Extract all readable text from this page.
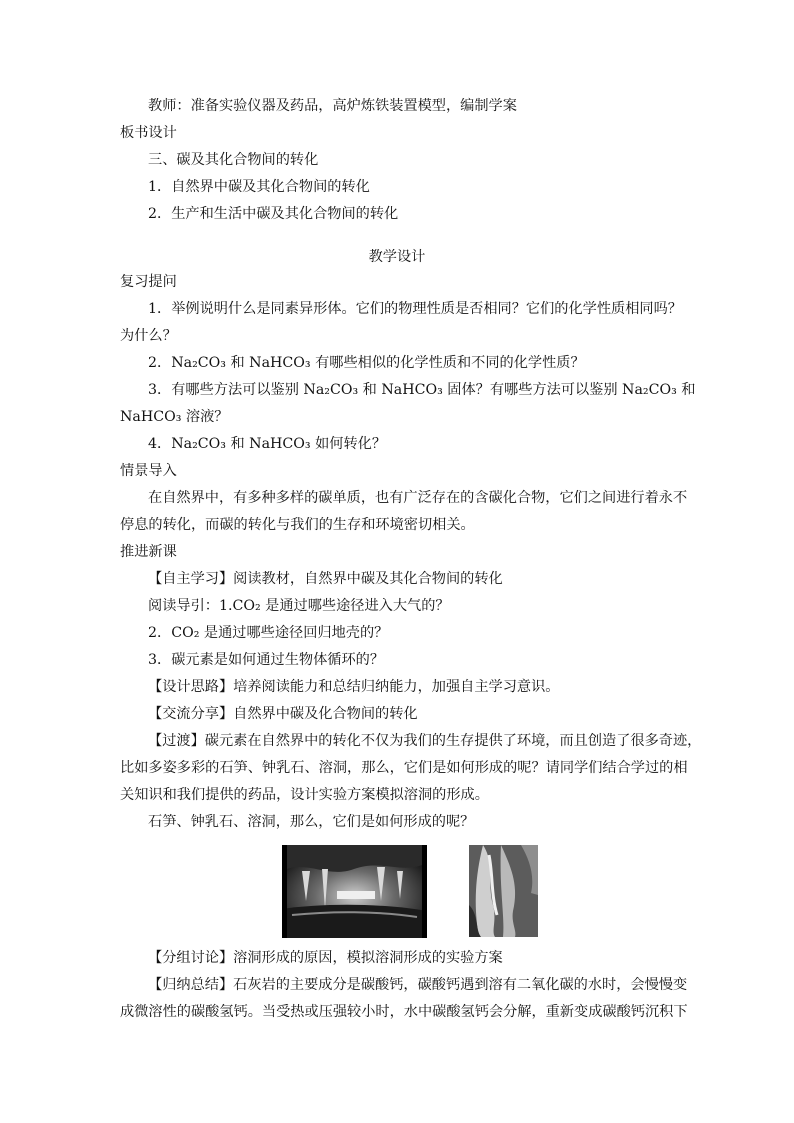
教师：准备实验仪器及药品，高炉炼铁装置模型，编制学案
板书设计
三、碳及其化合物间的转化
1．自然界中碳及其化合物间的转化
2．生产和生活中碳及其化合物间的转化
教学设计
复习提问
1．举例说明什么是同素异形体。它们的物理性质是否相同？它们的化学性质相同吗？
为什么？
2．Na₂CO₃ 和 NaHCO₃ 有哪些相似的化学性质和不同的化学性质？
3．有哪些方法可以鉴别 Na₂CO₃ 和 NaHCO₃ 固体？有哪些方法可以鉴别 Na₂CO₃ 和
NaHCO₃ 溶液？
4．Na₂CO₃ 和 NaHCO₃ 如何转化？
情景导入
在自然界中，有多种多样的碳单质，也有广泛存在的含碳化合物，它们之间进行着永不
停息的转化，而碳的转化与我们的生存和环境密切相关。
推进新课
【自主学习】阅读教材，自然界中碳及其化合物间的转化
阅读导引：1.CO₂ 是通过哪些途径进入大气的？
2．CO₂ 是通过哪些途径回归地壳的？
3．碳元素是如何通过生物体循环的？
【设计思路】培养阅读能力和总结归纳能力，加强自主学习意识。
【交流分享】自然界中碳及化合物间的转化
【过渡】碳元素在自然界中的转化不仅为我们的生存提供了环境，而且创造了很多奇迹，
比如多姿多彩的石笋、钟乳石、溶洞，那么，它们是如何形成的呢？请同学们结合学过的相
关知识和我们提供的药品，设计实验方案模拟溶洞的形成。
石笋、钟乳石、溶洞，那么，它们是如何形成的呢？
【分组讨论】溶洞形成的原因，模拟溶洞形成的实验方案
【归纳总结】石灰岩的主要成分是碳酸钙，碳酸钙遇到溶有二氧化碳的水时，会慢慢变
成微溶性的碳酸氢钙。当受热或压强较小时，水中碳酸氢钙会分解，重新变成碳酸钙沉积下
